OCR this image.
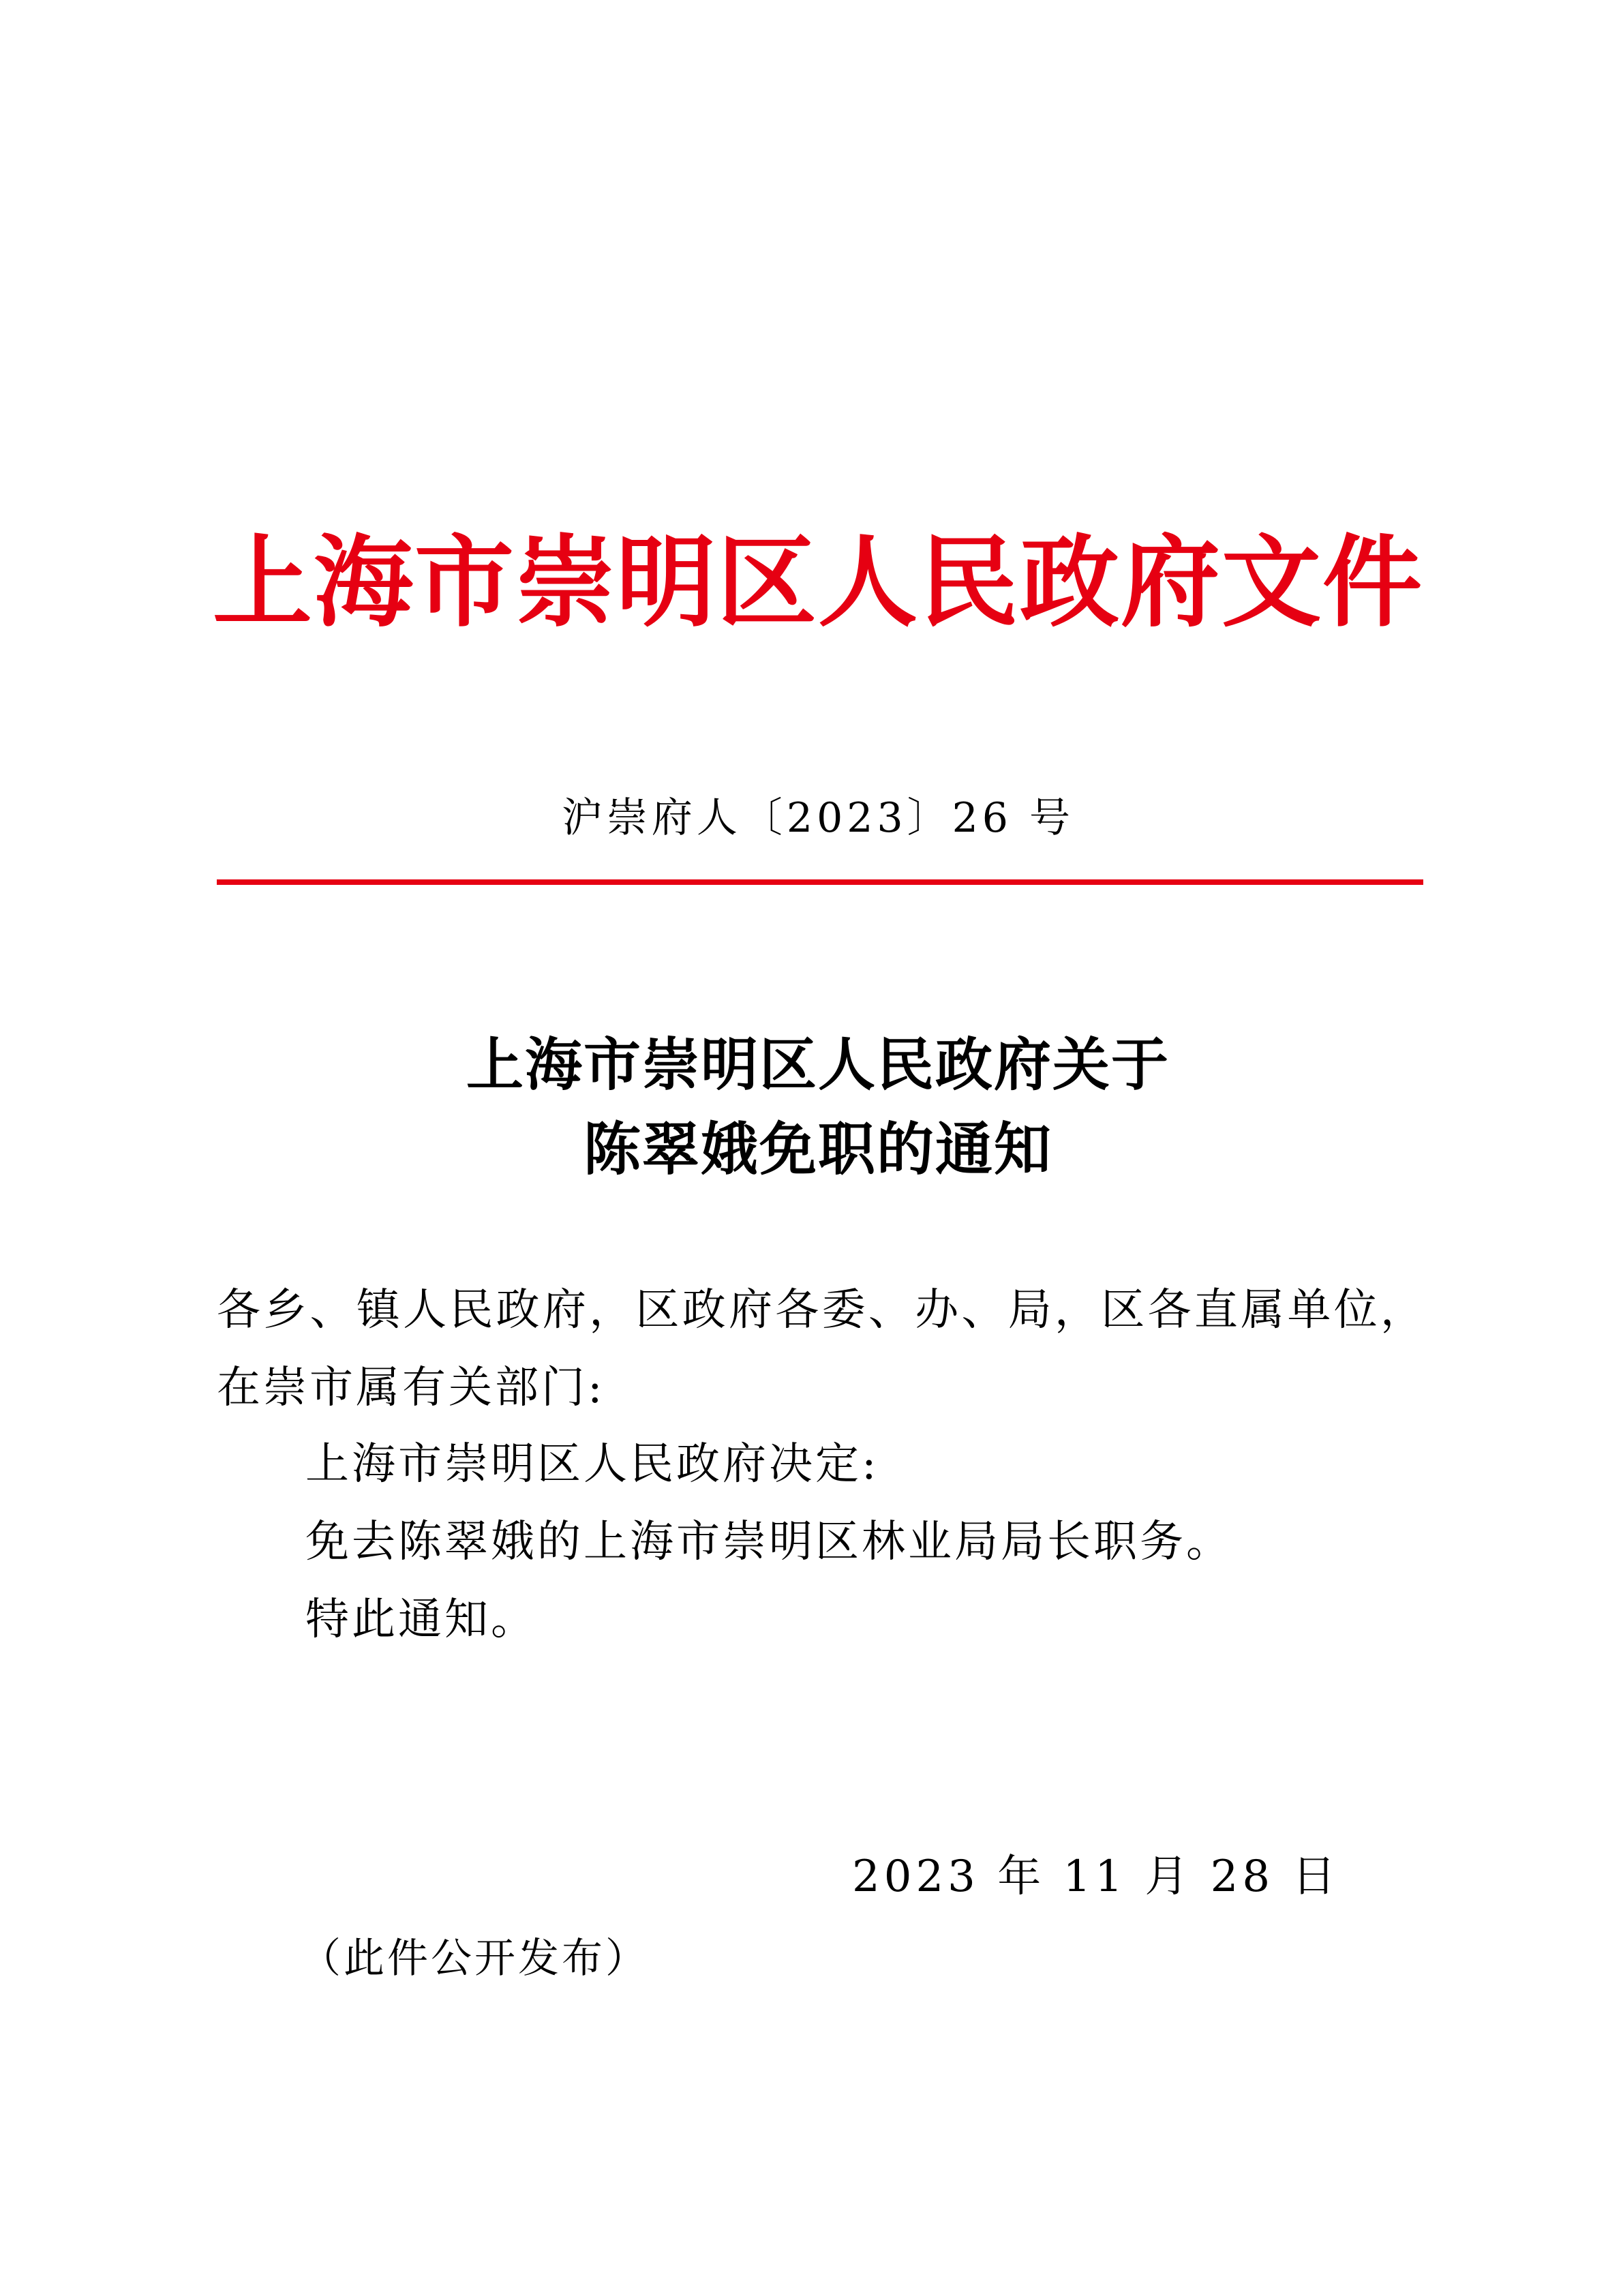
上海市崇明区人民政府文件
沪崇府人〔2023〕26 号
上海市崇明区人民政府关于
陈翠娥免职的通知
各乡、镇人民政府，区政府各委、办、局，区各直属单位，在崇市属有关部门:
上海市崇明区人民政府决定:
免去陈翠娥的上海市崇明区林业局局长职务。
特此通知。
2023 年 11 月 28 日
（此件公开发布）
